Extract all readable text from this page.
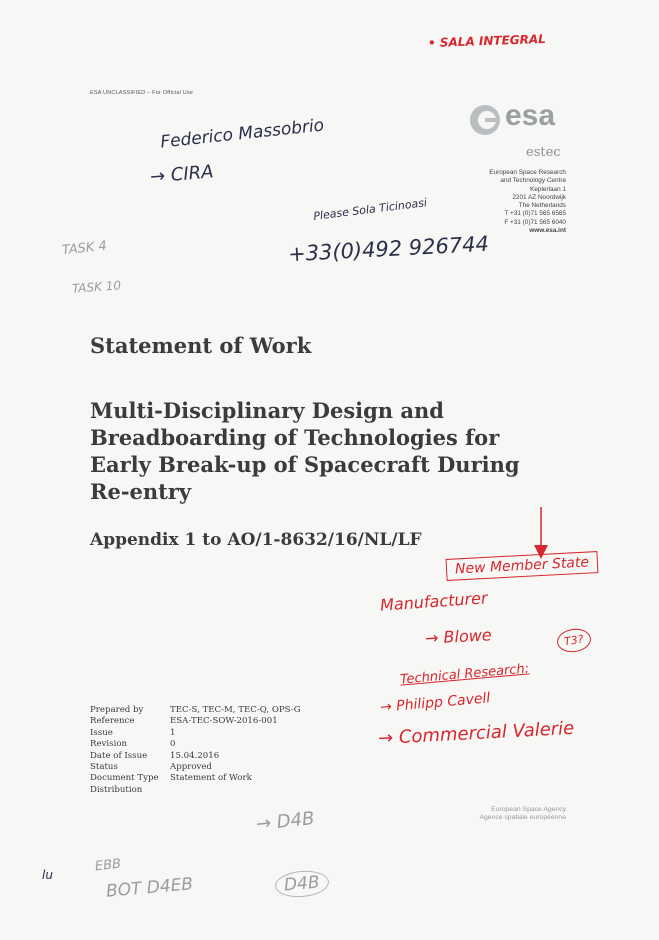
ESA UNCLASSIFIED – For Official Use
esa
estec
European Space Research
and Technology Centre
Keplerlaan 1
2201 AZ Noordwijk
The Netherlands
T +31 (0)71 565 6565
F +31 (0)71 565 6040
www.esa.int
Statement of Work
Multi-Disciplinary Design and
Breadboarding of Technologies for
Early Break-up of Spacecraft During
Re-entry
Appendix 1 to AO/1-8632/16/NL/LF
Prepared by	TEC-S, TEC-M, TEC-Q, OPS-G
Reference	ESA-TEC-SOW-2016-001
Issue	1
Revision	0
Date of Issue	15.04.2016
Status	Approved
Document Type	Statement of Work
Distribution	
European Space Agency
Agence spatiale européenne
• SALA INTEGRAL
Federico Massobrio
→ CIRA
Please Sola Ticinoasi
+33(0)492 926744
TASK 4
TASK 10
New Member State
Manufacturer
→ Blowe	T3?
Technical Research:
→ Philipp Cavell
→ Commercial Valerie
→ D4B
EBB
BOT D4EB	D4B
lu
